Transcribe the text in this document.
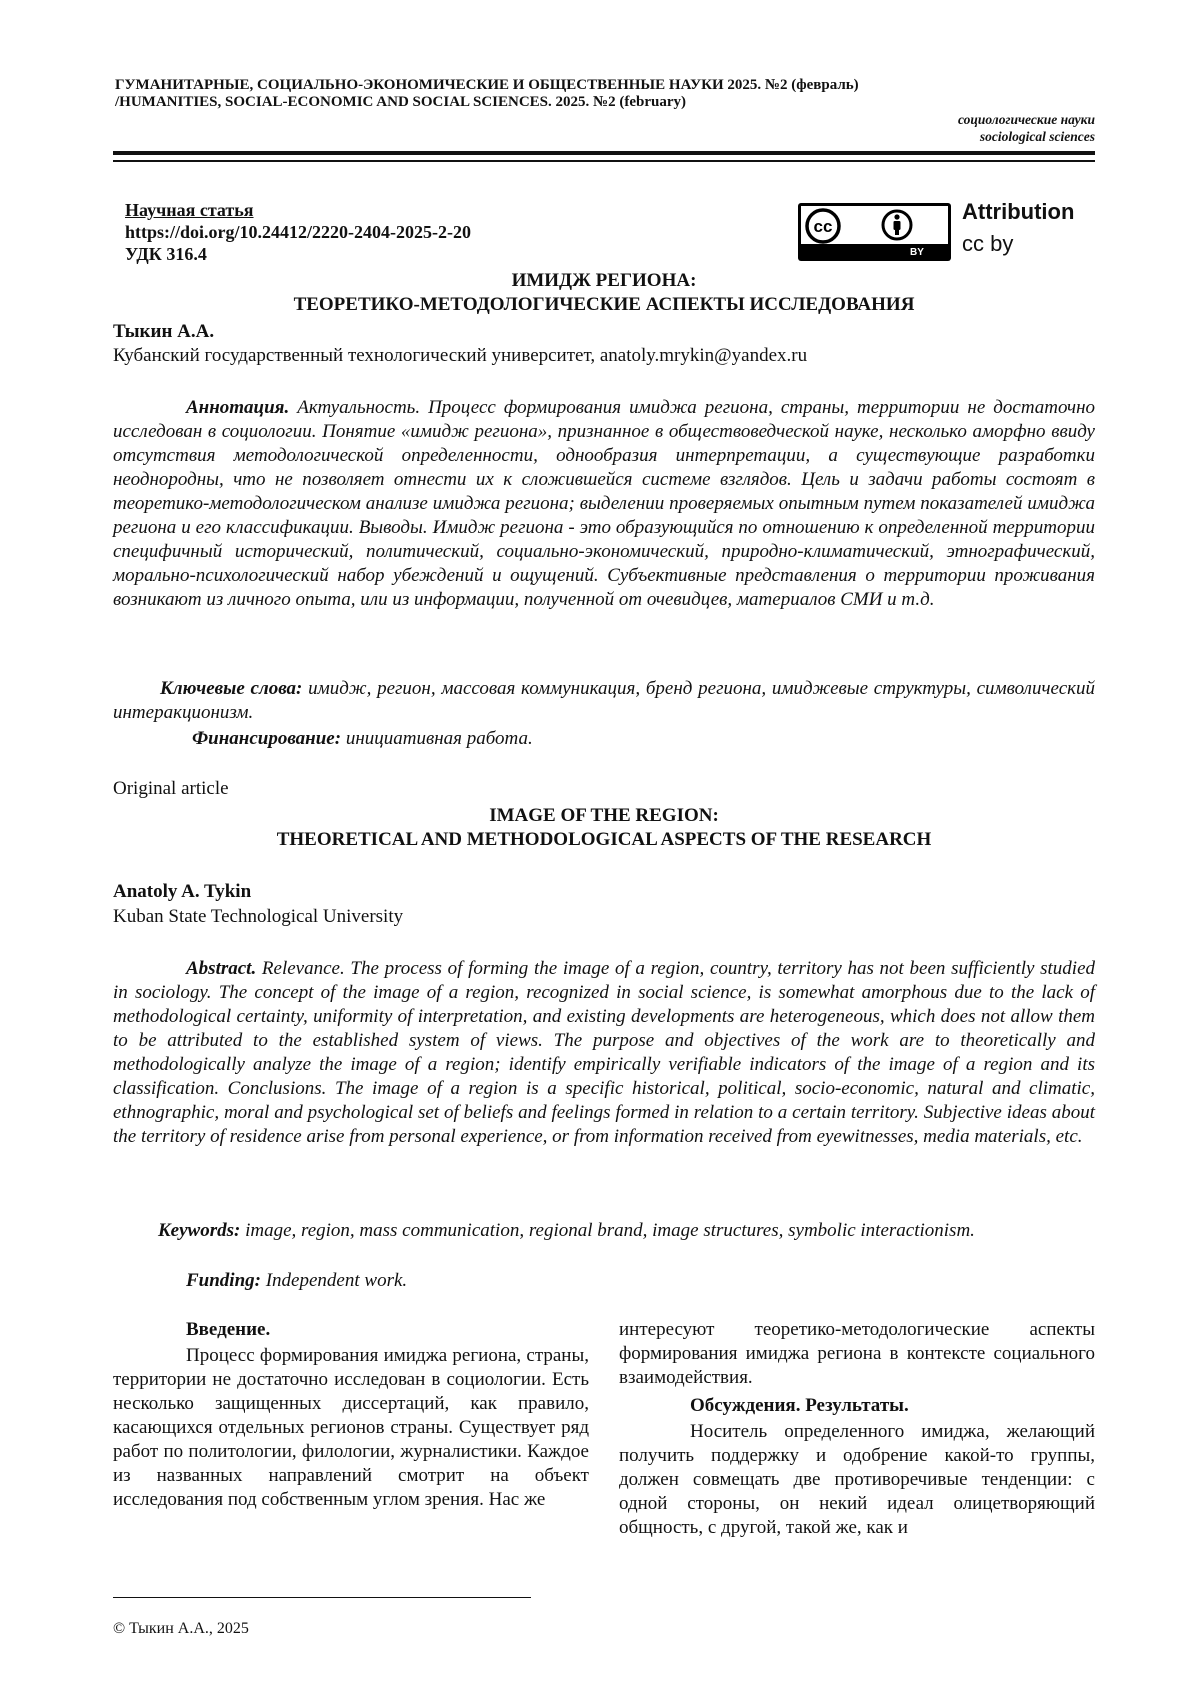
ГУМАНИТАРНЫЕ, СОЦИАЛЬНО-ЭКОНОМИЧЕСКИЕ И ОБЩЕСТВЕННЫЕ НАУКИ 2025. №2 (февраль)
/HUMANITIES, SOCIAL-ECONOMIC AND SOCIAL SCIENCES. 2025. №2 (february)
социологические науки
sociological sciences
Научная статья
https://doi.org/10.24412/2220-2404-2025-2-20
УДК 316.4
cc
BY
Attribution
cc by
ИМИДЖ РЕГИОНА:
ТЕОРЕТИКО-МЕТОДОЛОГИЧЕСКИЕ АСПЕКТЫ ИССЛЕДОВАНИЯ
Тыкин А.А.
Кубанский государственный технологический университет, anatoly.mrykin@yandex.ru
Аннотация. Актуальность. Процесс формирования имиджа региона, страны, территории не достаточно исследован в социологии. Понятие «имидж региона», признанное в обществоведческой науке, несколько аморфно ввиду отсутствия методологической определенности, однообразия интерпретации, а существующие разработки неоднородны, что не позволяет отнести их к сложившейся системе взглядов. Цель и задачи работы состоят в теоретико-методологическом анализе имиджа региона; выделении проверяемых опытным путем показателей имиджа региона и его классификации. Выводы. Имидж региона - это образующийся по отношению к определенной территории специфичный исторический, политический, социально-экономический, природно-климатический, этнографический, морально-психологический набор убеждений и ощущений. Субъективные представления о территории проживания возникают из личного опыта, или из информации, полученной от очевидцев, материалов СМИ и т.д.
Ключевые слова: имидж, регион, массовая коммуникация, бренд региона, имиджевые структуры, символический интеракционизм.
Финансирование: инициативная работа.
Original article
IMAGE OF THE REGION:
THEORETICAL AND METHODOLOGICAL ASPECTS OF THE RESEARCH
Anatoly A. Tykin
Kuban State Technological University
Abstract. Relevance. The process of forming the image of a region, country, territory has not been sufficiently studied in sociology. The concept of the image of a region, recognized in social science, is somewhat amorphous due to the lack of methodological certainty, uniformity of interpretation, and existing developments are heterogeneous, which does not allow them to be attributed to the established system of views. The purpose and objectives of the work are to theoretically and methodologically analyze the image of a region; identify empirically verifiable indicators of the image of a region and its classification. Conclusions. The image of a region is a specific historical, political, socio-economic, natural and climatic, ethnographic, moral and psychological set of beliefs and feelings formed in relation to a certain territory. Subjective ideas about the territory of residence arise from personal experience, or from information received from eyewitnesses, media materials, etc.
Keywords: image, region, mass communication, regional brand, image structures, symbolic interactionism.
Funding: Independent work.
Введение.
Процесс формирования имиджа региона, страны, территории не достаточно исследован в социологии. Есть несколько защищенных диссертаций, как правило, касающихся отдельных регионов страны. Существует ряд работ по политологии, филологии, журналистики. Каждое из названных направлений смотрит на объект исследования под собственным углом зрения. Нас же
интересуют теоретико-методологические аспекты формирования имиджа региона в контексте социального взаимодействия.
Обсуждения. Результаты.
Носитель определенного имиджа, желающий получить поддержку и одобрение какой-то группы, должен совмещать две противоречивые тенденции: с одной стороны, он некий идеал олицетворяющий общность, с другой, такой же, как и
© Тыкин А.А., 2025
